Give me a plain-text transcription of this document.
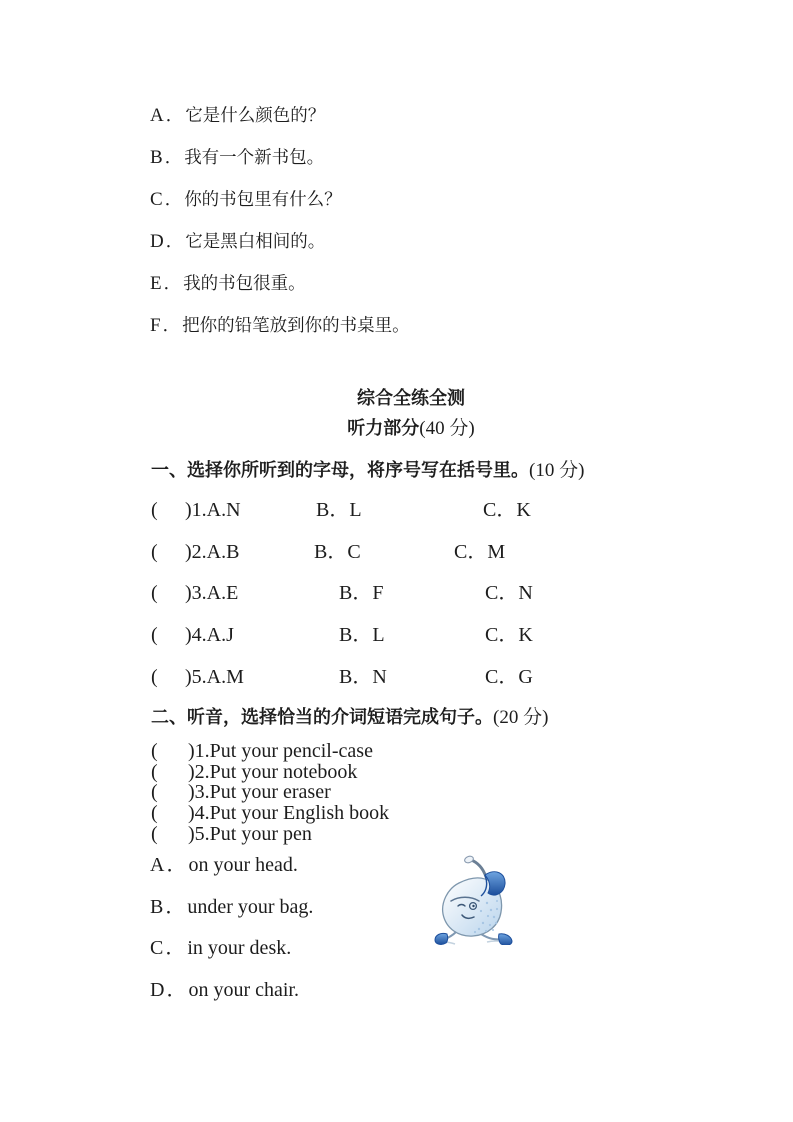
A ． 它是什么颜色的？
B ． 我有一个新书包。
C ． 你的书包里有什么？
D ． 它是黑白相间的。
E ． 我的书包很重。
F ． 把你的铅笔放到你的书桌里。
综合全练全测
听力部分(40 分)
一、选择你所听到的字母，将序号写在括号里。(10 分)
( )1.A.N	B．L	C．K
( )2.A.B	B．C	C．M
( )3.A.E	B．F	C．N
( )4.A.J	B．L	C．K
( )5.A.M	B．N	C．G
二、听音，选择恰当的介词短语完成句子。(20 分)
( )1.Put your pencil-case
( )2.Put your notebook
( )3.Put your eraser
( )4.Put your English book
( )5.Put your pen
A ． on your head.
B ． under your bag.
C ． in your desk.
D ． on your chair.
